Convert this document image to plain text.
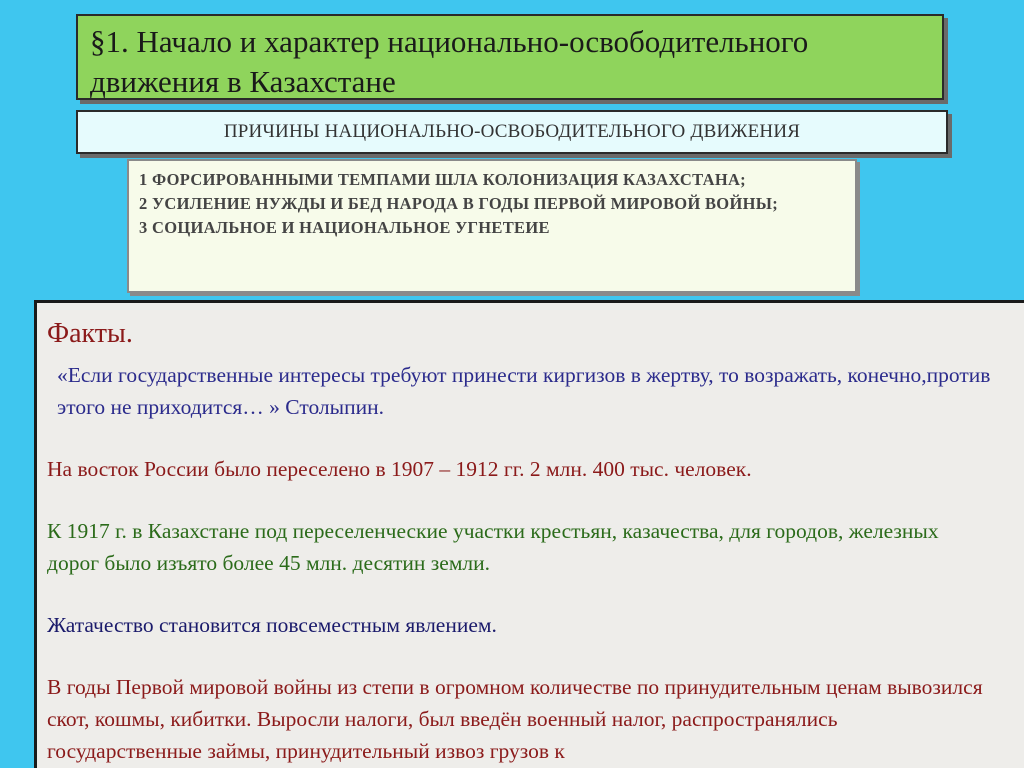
§1. Начало и характер национально-освободительного
движения в Казахстане
ПРИЧИНЫ НАЦИОНАЛЬНО-ОСВОБОДИТЕЛЬНОГО ДВИЖЕНИЯ
1 ФОРСИРОВАННЫМИ ТЕМПАМИ ШЛА КОЛОНИЗАЦИЯ КАЗАХСТАНА;
2 УСИЛЕНИЕ НУЖДЫ И БЕД НАРОДА В ГОДЫ ПЕРВОЙ МИРОВОЙ ВОЙНЫ;
3 СОЦИАЛЬНОЕ И НАЦИОНАЛЬНОЕ УГНЕТЕИЕ
Факты.
«Если государственные интересы требуют принести киргизов в жертву, то возражать, конечно,против этого не приходится… » Столыпин.
На восток России было переселено в 1907 – 1912 гг. 2 млн. 400 тыс. человек.
К 1917 г. в Казахстане под переселенческие участки крестьян, казачества, для городов, железных дорог было изъято более 45 млн. десятин земли.
Жатачество становится повсеместным явлением.
В годы Первой мировой войны из степи в огромном количестве по принудительным ценам вывозился скот, кошмы, кибитки. Выросли налоги, был введён военный налог, распространялись государственные займы, принудительный извоз грузов к
